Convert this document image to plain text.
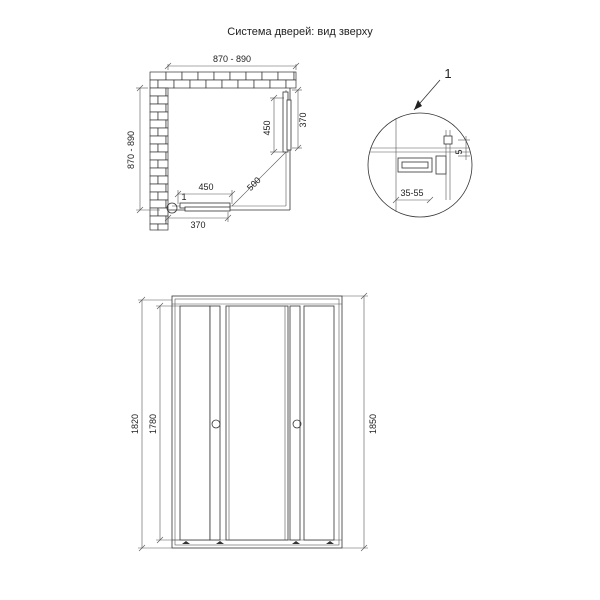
Система дверей: вид зверху
870 - 890
870 - 890
450
370
450
1
370
500
1
5
35-55
1820 1780	1850
